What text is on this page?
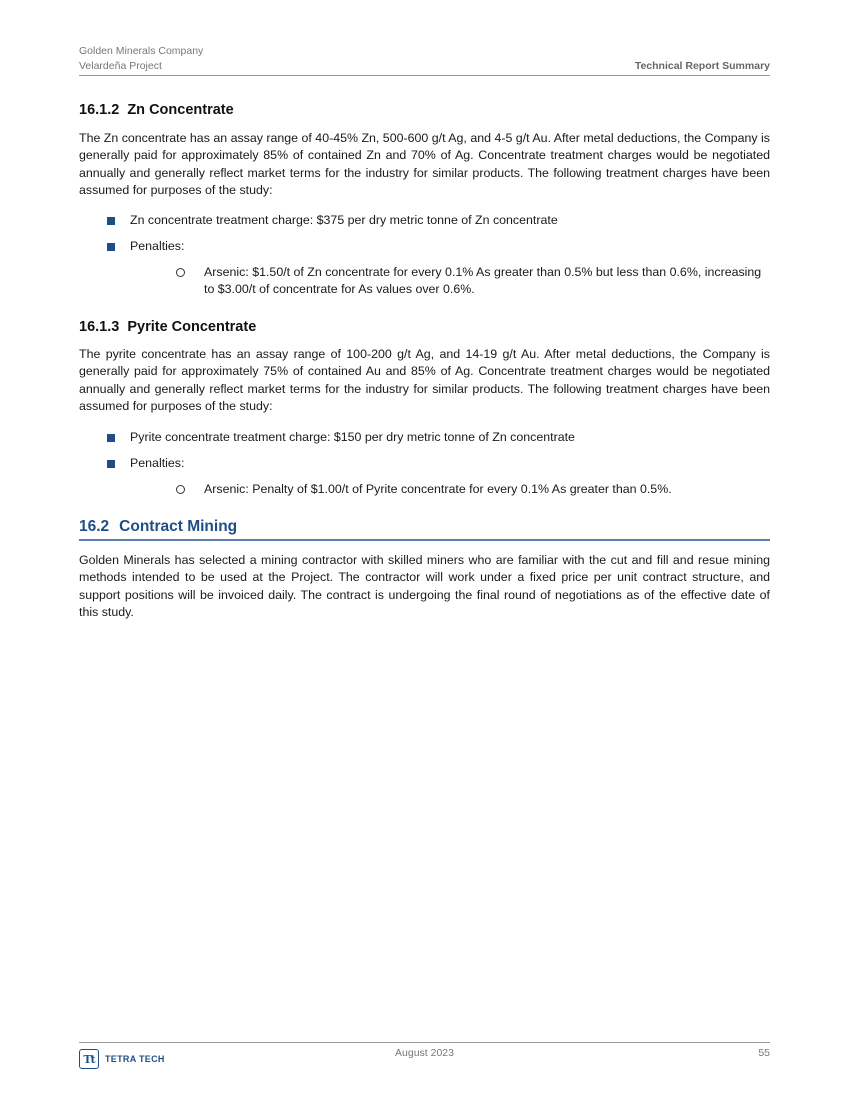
Golden Minerals Company
Velardeña Project	Technical Report Summary
16.1.2 Zn Concentrate

The Zn concentrate has an assay range of 40-45% Zn, 500-600 g/t Ag, and 4-5 g/t Au. After metal deductions, the Company is generally paid for approximately 85% of contained Zn and 70% of Ag. Concentrate treatment charges would be negotiated annually and generally reflect market terms for the industry for similar products. The following treatment charges have been assumed for purposes of the study:

Zn concentrate treatment charge: $375 per dry metric tonne of Zn concentrate
Penalties:
Arsenic: $1.50/t of Zn concentrate for every 0.1% As greater than 0.5% but less than 0.6%, increasing to $3.00/t of concentrate for As values over 0.6%.
16.1.3 Pyrite Concentrate

The pyrite concentrate has an assay range of 100-200 g/t Ag, and 14-19 g/t Au. After metal deductions, the Company is generally paid for approximately 75% of contained Au and 85% of Ag. Concentrate treatment charges would be negotiated annually and generally reflect market terms for the industry for similar products. The following treatment charges have been assumed for purposes of the study:

Pyrite concentrate treatment charge: $150 per dry metric tonne of Zn concentrate
Penalties:
Arsenic: Penalty of $1.00/t of Pyrite concentrate for every 0.1% As greater than 0.5%.
16.2 Contract Mining

Golden Minerals has selected a mining contractor with skilled miners who are familiar with the cut and fill and resue mining methods intended to be used at the Project. The contractor will work under a fixed price per unit contract structure, and support positions will be invoiced daily. The contract is undergoing the final round of negotiations as of the effective date of this study.

Tt	TETRA TECH	August 2023	55
